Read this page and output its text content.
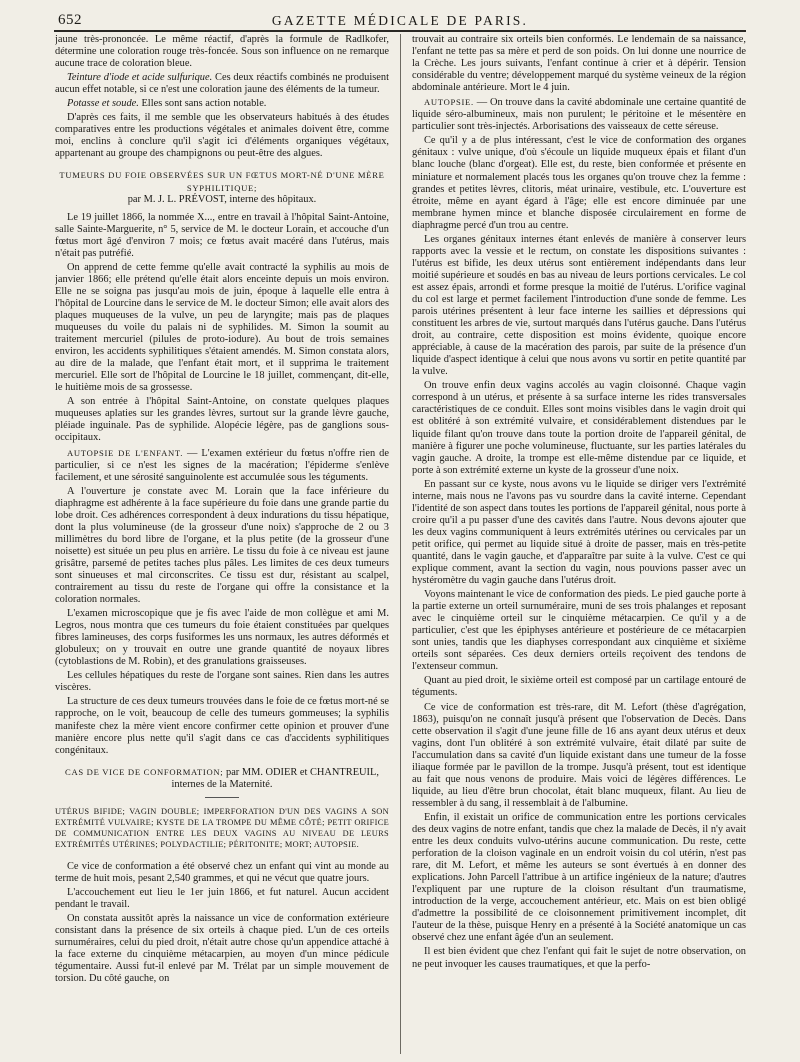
652	GAZETTE MÉDICALE DE PARIS.

jaune très-prononcée. Le même réactif, d'après la formule de Radlkofer, détermine une coloration rouge très-foncée. Sous son influence on ne remarque aucune trace de coloration bleue.

Teinture d'iode et acide sulfurique. Ces deux réactifs combinés ne produisent aucun effet notable, si ce n'est une coloration jaune des éléments de la tumeur.

Potasse et soude. Elles sont sans action notable.

D'après ces faits, il me semble que les observateurs habitués à des études comparatives entre les productions végétales et animales doivent être, comme moi, enclins à conclure qu'il s'agit ici d'éléments organiques végétaux, appartenant au groupe des champignons ou peut-être des algues.

TUMEURS DU FOIE OBSERVÉES SUR UN FŒTUS MORT-NÉ D'UNE MÈRE SYPHILITIQUE;
par M. J. L. PRÉVOST, interne des hôpitaux.

Le 19 juillet 1866, la nommée X..., entre en travail à l'hôpital Saint-Antoine, salle Sainte-Marguerite, n° 5, service de M. le docteur Lorain, et accouche d'un fœtus mort âgé d'environ 7 mois; ce fœtus avait macéré dans l'utérus, mais n'était pas putréfié.

On apprend de cette femme qu'elle avait contracté la syphilis au mois de janvier 1866; elle prétend qu'elle était alors enceinte depuis un mois environ. Elle ne se soigna pas jusqu'au mois de juin, époque à laquelle elle entra à l'hôpital de Lourcine dans le service de M. le docteur Simon; elle avait alors des plaques muqueuses de la vulve, un peu de laryngite; mais pas de plaques muqueuses du voile du palais ni de syphilides. M. Simon la soumit au traitement mercuriel (pilules de proto-iodure). Au bout de trois semaines environ, les accidents syphilitiques s'étaient amendés. M. Simon constata alors, au dire de la malade, que l'enfant était mort, et il supprima le traitement mercuriel. Elle sort de l'hôpital de Lourcine le 18 juillet, commençant, dit-elle, le huitième mois de sa grossesse.

A son entrée à l'hôpital Saint-Antoine, on constate quelques plaques muqueuses aplaties sur les grandes lèvres, surtout sur la grande lèvre gauche, pléiade inguinale. Pas de syphilide. Alopécie légère, pas de ganglions sous-occipitaux.

AUTOPSIE DE L'ENFANT. — L'examen extérieur du fœtus n'offre rien de particulier, si ce n'est les signes de la macération; l'épiderme s'enlève facilement, et une sérosité sanguinolente est accumulée sous les téguments.

A l'ouverture je constate avec M. Lorain que la face inférieure du diaphragme est adhérente à la face supérieure du foie dans une grande partie du lobe droit. Ces adhérences correspondent à deux indurations du tissu hépatique, dont la plus volumineuse (de la grosseur d'une noix) s'approche de 2 ou 3 millimètres du bord libre de l'organe, et la plus petite (de la grosseur d'une noisette) est située un peu plus en arrière. Le tissu du foie à ce niveau est jaune grisâtre, parsemé de petites taches plus pâles. Les limites de ces deux tumeurs sont sinueuses et mal circonscrites. Ce tissu est dur, résistant au scalpel, contrairement au tissu du reste de l'organe qui offre la consistance et la coloration normales.

L'examen microscopique que je fis avec l'aide de mon collègue et ami M. Legros, nous montra que ces tumeurs du foie étaient constituées par quelques fibres lamineuses, des corps fusiformes les uns normaux, les autres déformés et globuleux; on y trouvait en outre une grande quantité de noyaux libres (cytoblastions de M. Robin), et des granulations graisseuses.

Les cellules hépatiques du reste de l'organe sont saines. Rien dans les autres viscères.

La structure de ces deux tumeurs trouvées dans le foie de ce fœtus mort-né se rapproche, on le voit, beaucoup de celle des tumeurs gommeuses; la syphilis manifeste chez la mère vient encore confirmer cette opinion et prouver d'une manière encore plus nette qu'il s'agit dans ce cas d'accidents syphilitiques congénitaux.

CAS DE VICE DE CONFORMATION; par MM. ODIER et CHANTREUIL,
internes de la Maternité.

UTÉRUS BIFIDE; VAGIN DOUBLE; IMPERFORATION D'UN DES VAGINS A SON EXTRÉMITÉ VULVAIRE; KYSTE DE LA TROMPE DU MÊME CÔTÉ; PETIT ORIFICE DE COMMUNICATION ENTRE LES DEUX VAGINS AU NIVEAU DE LEURS EXTRÉMITÉS UTÉRINES; POLYDACTILIE; PÉRITONITE; MORT; AUTOPSIE.

Ce vice de conformation a été observé chez un enfant qui vint au monde au terme de huit mois, pesant 2,540 grammes, et qui ne vécut que quatre jours.

L'accouchement eut lieu le 1er juin 1866, et fut naturel. Aucun accident pendant le travail.

On constata aussitôt après la naissance un vice de conformation extérieure consistant dans la présence de six orteils à chaque pied. L'un de ces orteils surnuméraires, celui du pied droit, n'était autre chose qu'un appendice attaché à la face externe du cinquième métacarpien, au moyen d'un mince pédicule tégumentaire. Aussi fut-il enlevé par M. Trélat par un simple mouvement de torsion. Du côté gauche, on

trouvait au contraire six orteils bien conformés. Le lendemain de sa naissance, l'enfant ne tette pas sa mère et perd de son poids. On lui donne une nourrice de la Crèche. Les jours suivants, l'enfant continue à crier et à dépérir. Tension considérable du ventre; développement marqué du système veineux de la région abdominale antérieure. Mort le 4 juin.

AUTOPSIE. — On trouve dans la cavité abdominale une certaine quantité de liquide séro-albumineux, mais non purulent; le péritoine et le mésentère en particulier sont très-injectés. Arborisations des vaisseaux de cette séreuse.

Ce qu'il y a de plus intéressant, c'est le vice de conformation des organes génitaux : vulve unique, d'où s'écoule un liquide muqueux épais et filant d'un blanc louche (blanc d'orgeat). Elle est, du reste, bien conformée et présente en miniature et normalement placés tous les organes qu'on trouve chez la femme : grandes et petites lèvres, clitoris, méat urinaire, vestibule, etc. L'ouverture est étroite, même en ayant égard à l'âge; elle est encore diminuée par une membrane hymen mince et blanche disposée circulairement en forme de diaphragme percé d'un trou au centre.

Les organes génitaux internes étant enlevés de manière à conserver leurs rapports avec la vessie et le rectum, on constate les dispositions suivantes : l'utérus est bifide, les deux utérus sont entièrement indépendants dans leur moitié supérieure et soudés en bas au niveau de leurs portions cervicales. Le col est assez épais, arrondi et forme presque la moitié de l'utérus. L'orifice vaginal du col est large et permet facilement l'introduction d'une sonde de femme. Les parois utérines présentent à leur face interne les saillies et dépressions qui constituent les arbres de vie, surtout marqués dans l'utérus gauche. Dans l'utérus droit, au contraire, cette disposition est moins évidente, quoique encore appréciable, à cause de la macération des parois, par suite de la présence d'un liquide d'aspect identique à celui que nous avons vu sortir en petite quantité par la vulve.

On trouve enfin deux vagins accolés au vagin cloisonné. Chaque vagin correspond à un utérus, et présente à sa surface interne les rides transversales caractéristiques de ce conduit. Elles sont moins visibles dans le vagin droit qui est oblitéré à son extrémité vulvaire, et considérablement distendues par le liquide filant qu'on trouve dans toute la portion droite de l'appareil génital, de manière à figurer une poche volumineuse, fluctuante, sur les parties latérales du vagin gauche. A droite, la trompe est elle-même distendue par ce liquide, et porte à son extrémité externe un kyste de la grosseur d'une noix.

En passant sur ce kyste, nous avons vu le liquide se diriger vers l'extrémité interne, mais nous ne l'avons pas vu sourdre dans la cavité interne. Cependant l'identité de son aspect dans toutes les portions de l'appareil génital, nous porte à croire qu'il a pu passer d'une des cavités dans l'autre. Nous devons ajouter que les deux vagins communiquent à leurs extrémités utérines ou cervicales par un petit orifice, qui permet au liquide situé à droite de passer, mais en très-petite quantité, dans le vagin gauche, et d'apparaître par suite à la vulve. C'est ce qui explique comment, avant la section du vagin, nous pouvions passer avec un hystéromètre du vagin gauche dans l'utérus droit.

Voyons maintenant le vice de conformation des pieds. Le pied gauche porte à la partie externe un orteil surnuméraire, muni de ses trois phalanges et reposant avec le cinquième orteil sur le cinquième métacarpien. Ce qu'il y a de particulier, c'est que les épiphyses antérieure et postérieure de ce métacarpien sont unies, tandis que les diaphyses correspondant aux cinquième et sixième orteils sont séparées. Ces deux derniers orteils reçoivent des tendons de l'extenseur commun.

Quant au pied droit, le sixième orteil est composé par un cartilage entouré de téguments.

Ce vice de conformation est très-rare, dit M. Lefort (thèse d'agrégation, 1863), puisqu'on ne connaît jusqu'à présent que l'observation de Decès. Dans cette observation il s'agit d'une jeune fille de 16 ans ayant deux utérus et deux vagins, dont l'un oblitéré à son extrémité vulvaire, était dilaté par suite de l'accumulation dans sa cavité d'un liquide existant dans une tumeur de la fosse iliaque formée par le pavillon de la trompe. Jusqu'à présent, tout est identique au fait que nous venons de produire. Mais voici de légères différences. Le liquide, au lieu d'être brun chocolat, était blanc muqueux, filant. Au lieu de ressembler à du sang, il ressemblait à de l'albumine.

Enfin, il existait un orifice de communication entre les portions cervicales des deux vagins de notre enfant, tandis que chez la malade de Decès, il n'y avait entre les deux conduits vulvo-utérins aucune communication. Du reste, cette perforation de la cloison vaginale en un endroit voisin du col utérin, n'est pas rare, dit M. Lefort, et même les auteurs se sont évertués à en donner des explications. John Parcell l'attribue à un artifice ingénieux de la nature; d'autres l'expliquent par une rupture de la cloison résultant d'un traumatisme, introduction de la verge, accouchement antérieur, etc. Mais on est bien obligé d'admettre la possibilité de ce cloisonnement primitivement incomplet, dit l'auteur de la thèse, puisque Henry en a présenté à la Société anatomique un cas observé chez une enfant âgée d'un an seulement.

Il est bien évident que chez l'enfant qui fait le sujet de notre observation, on ne peut invoquer les causes traumatiques, et que la perfo-
